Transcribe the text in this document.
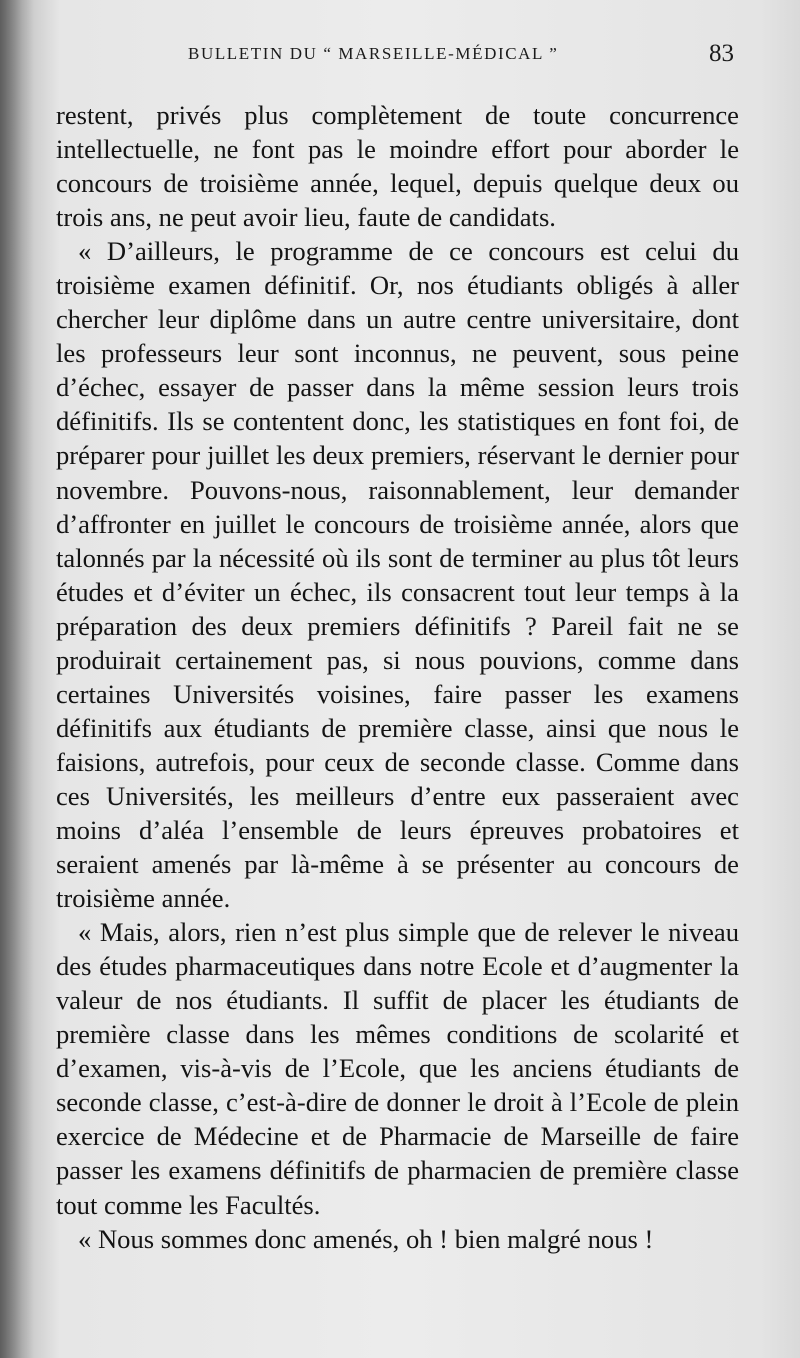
BULLETIN DU “ MARSEILLE-MÉDICAL ”	83

restent, privés plus complètement de toute concurrence intellectuelle, ne font pas le moindre effort pour aborder le concours de troisième année, lequel, depuis quelque deux ou trois ans, ne peut avoir lieu, faute de candidats.

« D’ailleurs, le programme de ce concours est celui du troisième examen définitif. Or, nos étudiants obligés à aller chercher leur diplôme dans un autre centre universitaire, dont les professeurs leur sont inconnus, ne peuvent, sous peine d’échec, essayer de passer dans la même session leurs trois définitifs. Ils se contentent donc, les statistiques en font foi, de préparer pour juillet les deux premiers, réservant le dernier pour novembre. Pouvons-nous, raisonnablement, leur demander d’affronter en juillet le concours de troisième année, alors que talonnés par la nécessité où ils sont de terminer au plus tôt leurs études et d’éviter un échec, ils consacrent tout leur temps à la préparation des deux premiers définitifs ? Pareil fait ne se produirait certainement pas, si nous pouvions, comme dans certaines Universités voisines, faire passer les examens définitifs aux étudiants de première classe, ainsi que nous le faisions, autrefois, pour ceux de seconde classe. Comme dans ces Universités, les meilleurs d’entre eux passeraient avec moins d’aléa l’ensemble de leurs épreuves probatoires et seraient amenés par là-même à se présenter au concours de troisième année.

« Mais, alors, rien n’est plus simple que de relever le niveau des études pharmaceutiques dans notre Ecole et d’augmenter la valeur de nos étudiants. Il suffit de placer les étudiants de première classe dans les mêmes conditions de scolarité et d’examen, vis-à-vis de l’Ecole, que les anciens étudiants de seconde classe, c’est-à-dire de donner le droit à l’Ecole de plein exercice de Médecine et de Pharmacie de Marseille de faire passer les examens définitifs de pharmacien de première classe tout comme les Facultés.

« Nous sommes donc amenés, oh ! bien malgré nous !
